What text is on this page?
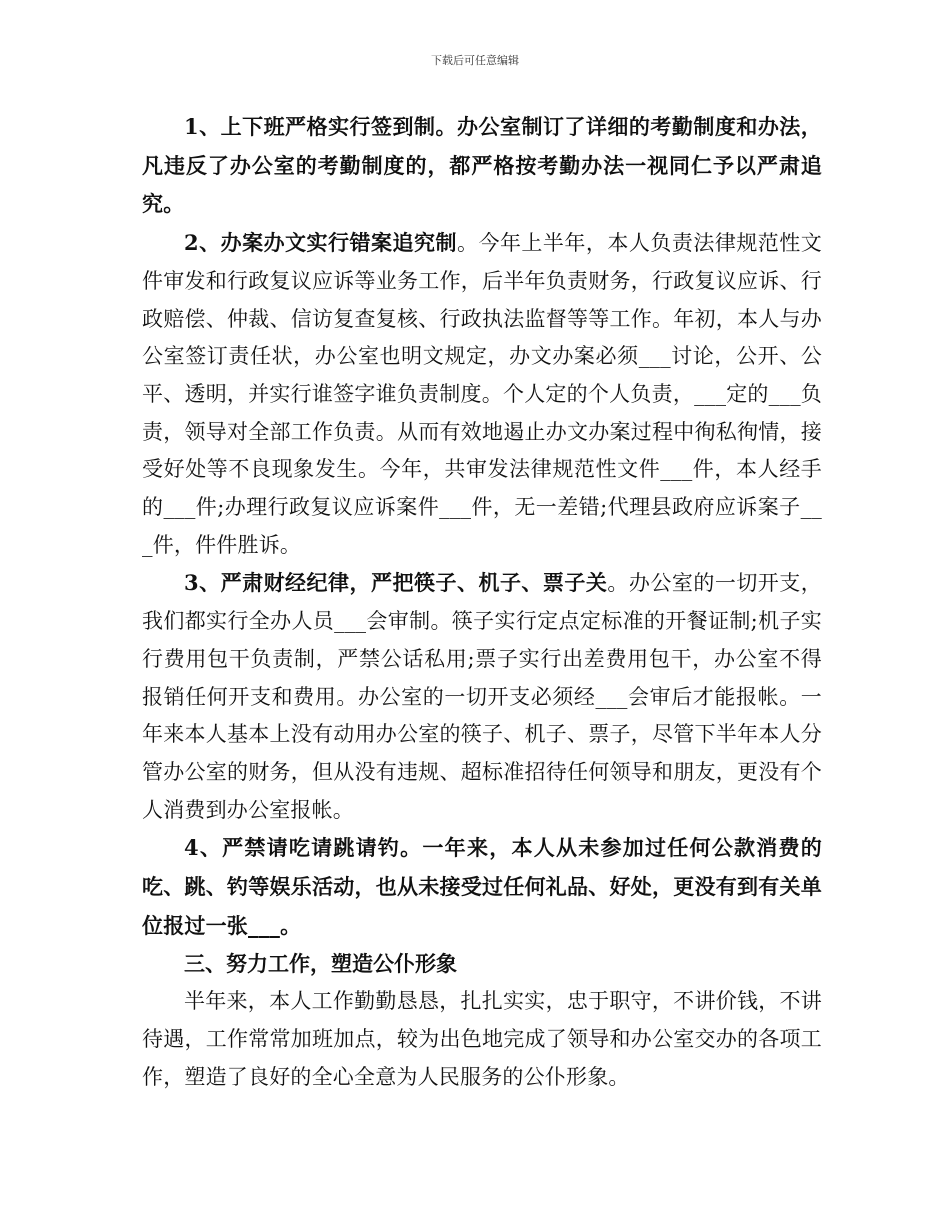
下载后可任意编辑

1、上下班严格实行签到制。办公室制订了详细的考勤制度和办法，凡违反了办公室的考勤制度的，都严格按考勤办法一视同仁予以严肃追究。

2、办案办文实行错案追究制。今年上半年，本人负责法律规范性文件审发和行政复议应诉等业务工作，后半年负责财务，行政复议应诉、行政赔偿、仲裁、信访复查复核、行政执法监督等等工作。年初，本人与办公室签订责任状，办公室也明文规定，办文办案必须___讨论，公开、公平、透明，并实行谁签字谁负责制度。个人定的个人负责，___定的___负责，领导对全部工作负责。从而有效地遏止办文办案过程中徇私徇情，接受好处等不良现象发生。今年，共审发法律规范性文件___件，本人经手的___件;办理行政复议应诉案件___件，无一差错;代理县政府应诉案子___件，件件胜诉。

3、严肃财经纪律，严把筷子、机子、票子关。办公室的一切开支，我们都实行全办人员___会审制。筷子实行定点定标准的开餐证制;机子实行费用包干负责制，严禁公话私用;票子实行出差费用包干，办公室不得报销任何开支和费用。办公室的一切开支必须经___会审后才能报帐。一年来本人基本上没有动用办公室的筷子、机子、票子，尽管下半年本人分管办公室的财务，但从没有违规、超标准招待任何领导和朋友，更没有个人消费到办公室报帐。

4、严禁请吃请跳请钓。一年来，本人从未参加过任何公款消费的吃、跳、钓等娱乐活动，也从未接受过任何礼品、好处，更没有到有关单位报过一张___。

三、努力工作，塑造公仆形象

半年来，本人工作勤勤恳恳，扎扎实实，忠于职守，不讲价钱，不讲待遇，工作常常加班加点，较为出色地完成了领导和办公室交办的各项工作，塑造了良好的全心全意为人民服务的公仆形象。
